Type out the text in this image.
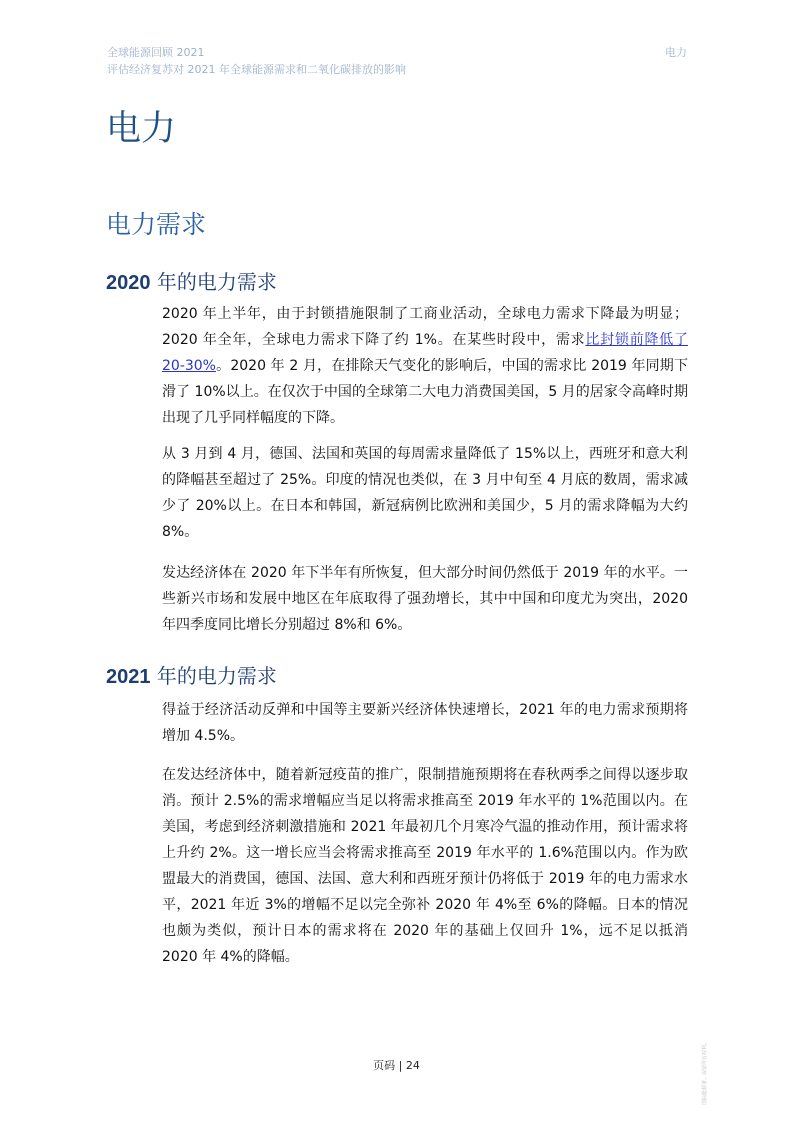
全球能源回顾 2021
评估经济复苏对 2021 年全球能源需求和二氧化碳排放的影响
电力
电力
电力需求
2020 年的电力需求

2020 年上半年，由于封锁措施限制了工商业活动，全球电力需求下降最为明显；2020 年全年，全球电力需求下降了约 1%。在某些时段中，需求比封锁前降低了 20-30%。2020 年 2 月，在排除天气变化的影响后，中国的需求比 2019 年同期下滑了 10%以上。在仅次于中国的全球第二大电力消费国美国，5 月的居家令高峰时期出现了几乎同样幅度的下降。

从 3 月到 4 月，德国、法国和英国的每周需求量降低了 15%以上，西班牙和意大利的降幅甚至超过了 25%。印度的情况也类似，在 3 月中旬至 4 月底的数周，需求减少了 20%以上。在日本和韩国，新冠病例比欧洲和美国少，5 月的需求降幅为大约 8%。

发达经济体在 2020 年下半年有所恢复，但大部分时间仍然低于 2019 年的水平。一些新兴市场和发展中地区在年底取得了强劲增长，其中中国和印度尤为突出，2020 年四季度同比增长分别超过 8%和 6%。

2021 年的电力需求

得益于经济活动反弹和中国等主要新兴经济体快速增长，2021 年的电力需求预期将增加 4.5%。

在发达经济体中，随着新冠疫苗的推广，限制措施预期将在春秋两季之间得以逐步取消。预计 2.5%的需求增幅应当足以将需求推高至 2019 年水平的 1%范围以内。在美国，考虑到经济刺激措施和 2021 年最初几个月寒冷气温的推动作用，预计需求将上升约 2%。这一增长应当会将需求推高至 2019 年水平的 1.6%范围以内。作为欧盟最大的消费国，德国、法国、意大利和西班牙预计仍将低于 2019 年的电力需求水平，2021 年近 3%的增幅不足以完全弥补 2020 年 4%至 6%的降幅。日本的情况也颇为类似，预计日本的需求将在 2020 年的基础上仅回升 1%，远不足以抵消 2020 年 4%的降幅。

国际能源署。保留所有权利。
页码 | 24
